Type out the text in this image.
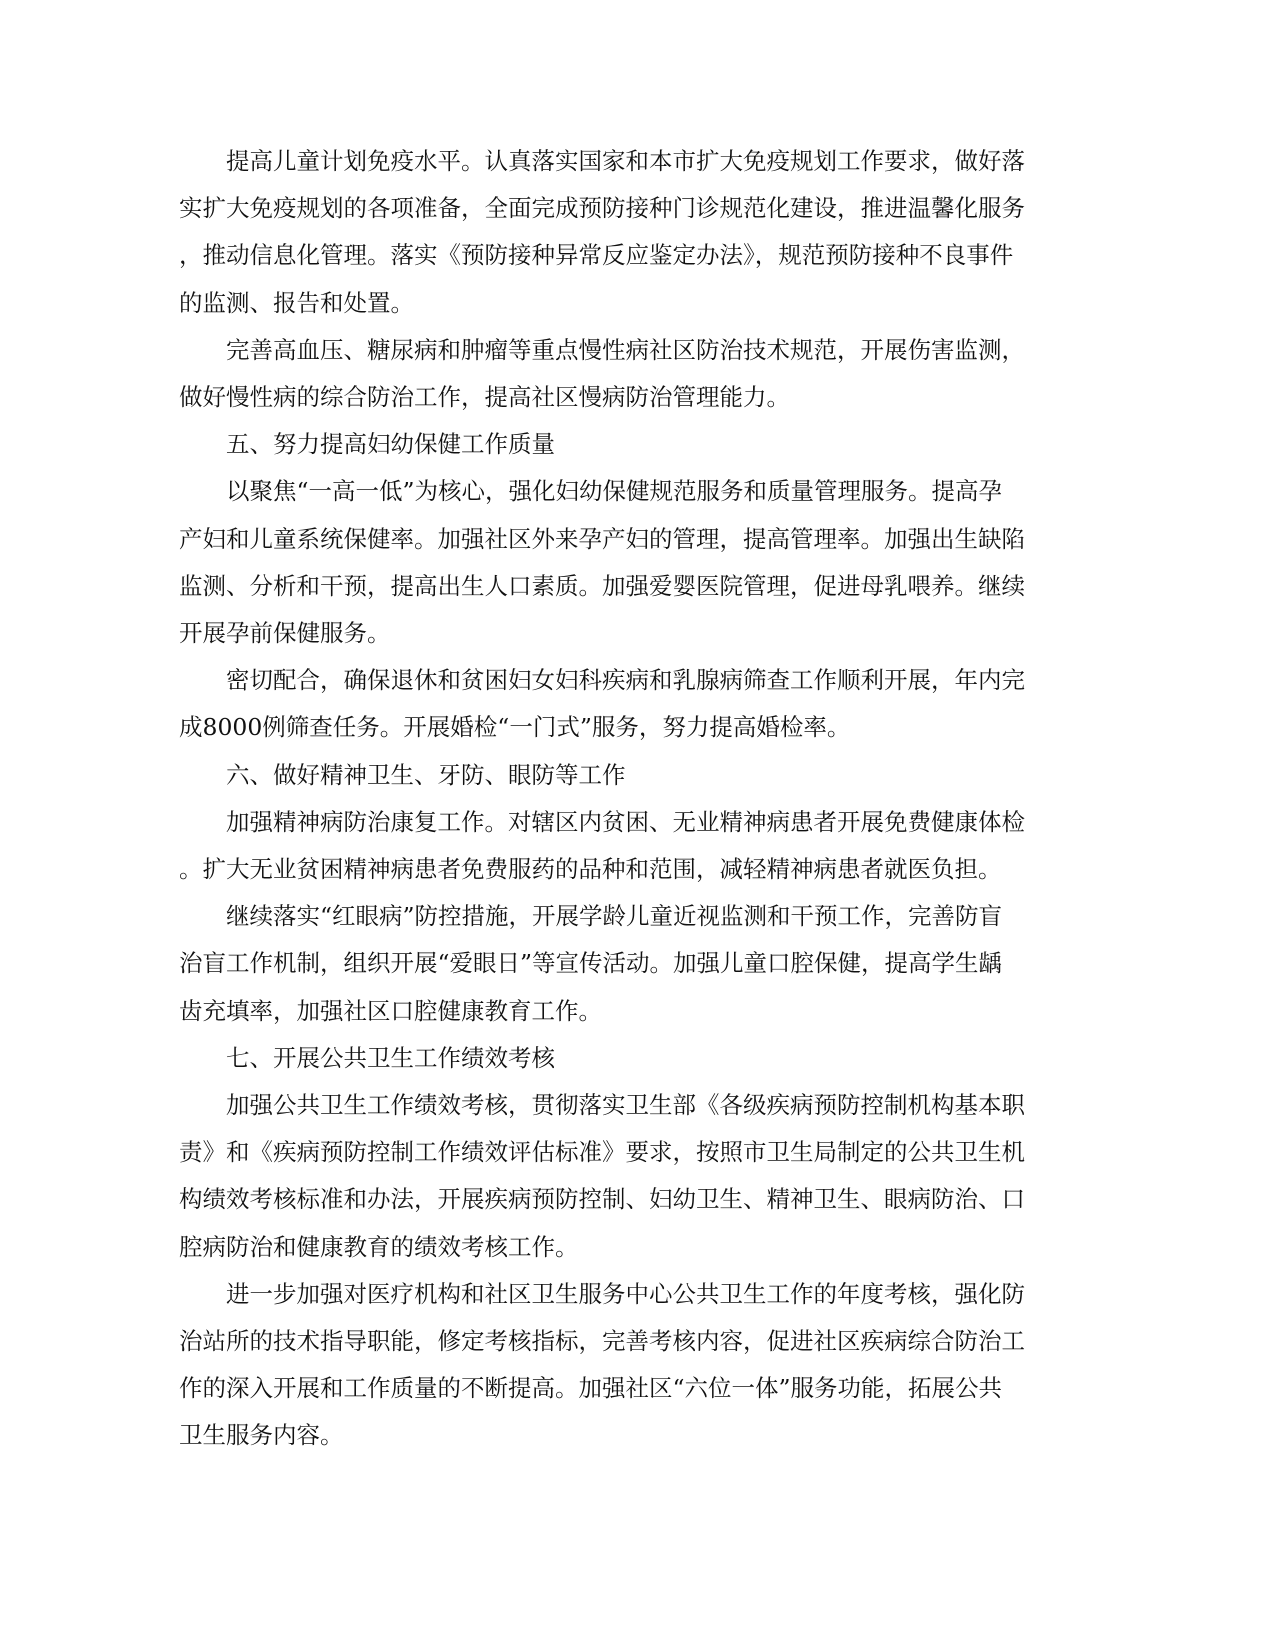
提高儿童计划免疫水平。认真落实国家和本市扩大免疫规划工作要求，做好落
实扩大免疫规划的各项准备，全面完成预防接种门诊规范化建设，推进温馨化服务
，推动信息化管理。落实《预防接种异常反应鉴定办法》，规范预防接种不良事件
的监测、报告和处置。

完善高血压、糖尿病和肿瘤等重点慢性病社区防治技术规范，开展伤害监测，
做好慢性病的综合防治工作，提高社区慢病防治管理能力。

五、努力提高妇幼保健工作质量

以聚焦“一高一低”为核心，强化妇幼保健规范服务和质量管理服务。提高孕
产妇和儿童系统保健率。加强社区外来孕产妇的管理，提高管理率。加强出生缺陷
监测、分析和干预，提高出生人口素质。加强爱婴医院管理，促进母乳喂养。继续
开展孕前保健服务。

密切配合，确保退休和贫困妇女妇科疾病和乳腺病筛查工作顺利开展，年内完
成8000例筛查任务。开展婚检“一门式”服务，努力提高婚检率。

六、做好精神卫生、牙防、眼防等工作

加强精神病防治康复工作。对辖区内贫困、无业精神病患者开展免费健康体检
。扩大无业贫困精神病患者免费服药的品种和范围，减轻精神病患者就医负担。

继续落实“红眼病”防控措施，开展学龄儿童近视监测和干预工作，完善防盲
治盲工作机制，组织开展“爱眼日”等宣传活动。加强儿童口腔保健，提高学生龋
齿充填率，加强社区口腔健康教育工作。

七、开展公共卫生工作绩效考核

加强公共卫生工作绩效考核，贯彻落实卫生部《各级疾病预防控制机构基本职
责》和《疾病预防控制工作绩效评估标准》要求，按照市卫生局制定的公共卫生机
构绩效考核标准和办法，开展疾病预防控制、妇幼卫生、精神卫生、眼病防治、口
腔病防治和健康教育的绩效考核工作。

进一步加强对医疗机构和社区卫生服务中心公共卫生工作的年度考核，强化防
治站所的技术指导职能，修定考核指标，完善考核内容，促进社区疾病综合防治工
作的深入开展和工作质量的不断提高。加强社区“六位一体”服务功能，拓展公共
卫生服务内容。
